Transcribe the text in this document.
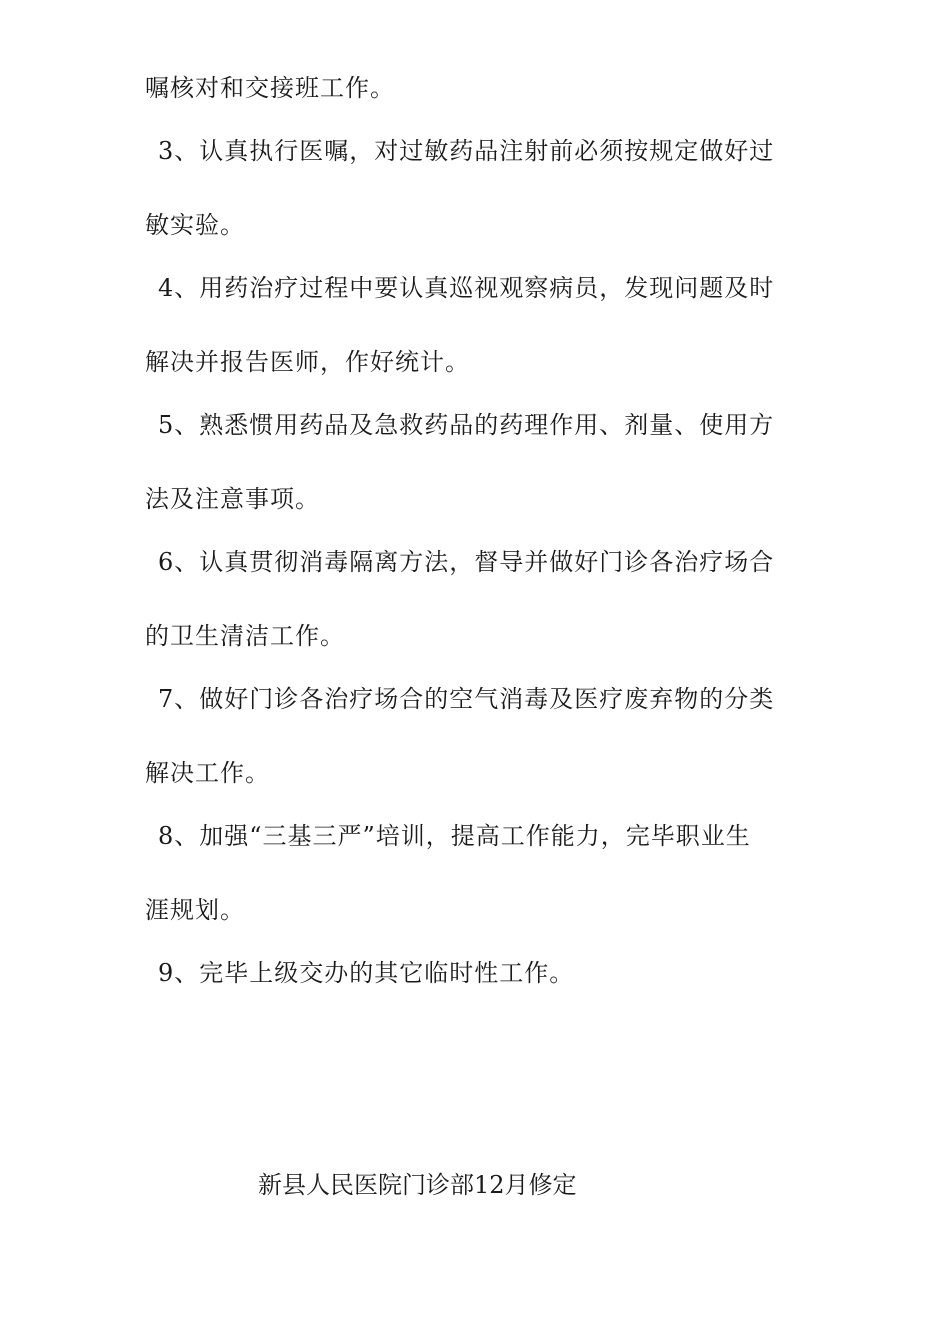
嘱核对和交接班工作。
3、认真执行医嘱，对过敏药品注射前必须按规定做好过
敏实验。
4、用药治疗过程中要认真巡视观察病员，发现问题及时
解决并报告医师，作好统计。
5、熟悉惯用药品及急救药品的药理作用、剂量、使用方
法及注意事项。
6、认真贯彻消毒隔离方法，督导并做好门诊各治疗场合
的卫生清洁工作。
7、做好门诊各治疗场合的空气消毒及医疗废弃物的分类
解决工作。
8、加强“三基三严”培训，提高工作能力，完毕职业生
涯规划。
9、完毕上级交办的其它临时性工作。
新县人民医院门诊部12月修定
